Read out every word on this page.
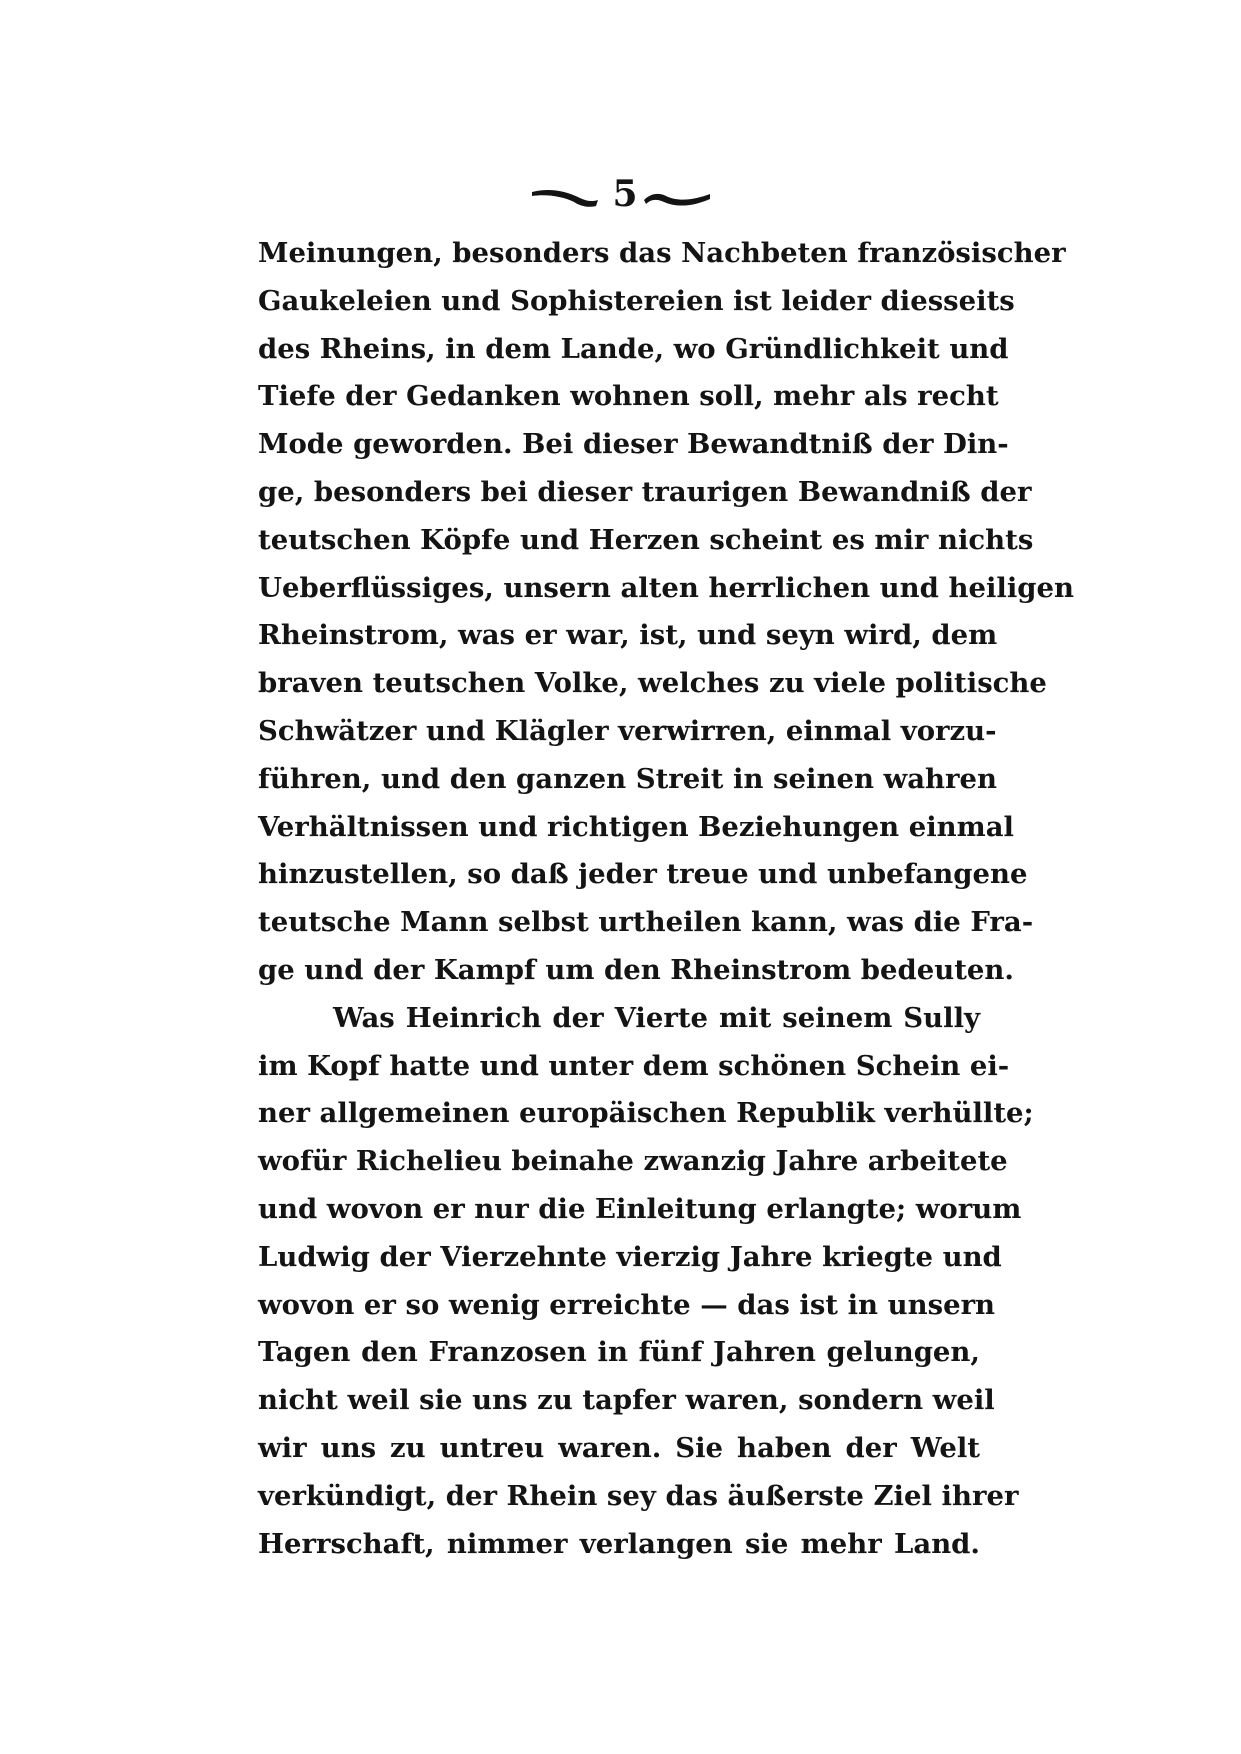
5
Meinungen, besonders das Nachbeten französischer
Gaukeleien und Sophistereien ist leider diesseits
des Rheins, in dem Lande, wo Gründlichkeit und
Tiefe der Gedanken wohnen soll, mehr als recht
Mode geworden. Bei dieser Bewandtniß der Din-
ge, besonders bei dieser traurigen Bewandniß der
teutschen Köpfe und Herzen scheint es mir nichts
Ueberflüssiges, unsern alten herrlichen und heiligen
Rheinstrom, was er war, ist, und seyn wird, dem
braven teutschen Volke, welches zu viele politische
Schwätzer und Klägler verwirren, einmal vorzu-
führen, und den ganzen Streit in seinen wahren
Verhältnissen und richtigen Beziehungen einmal
hinzustellen, so daß jeder treue und unbefangene
teutsche Mann selbst urtheilen kann, was die Fra-
ge und der Kampf um den Rheinstrom bedeuten.
Was Heinrich der Vierte mit seinem Sully
im Kopf hatte und unter dem schönen Schein ei-
ner allgemeinen europäischen Republik verhüllte;
wofür Richelieu beinahe zwanzig Jahre arbeitete
und wovon er nur die Einleitung erlangte; worum
Ludwig der Vierzehnte vierzig Jahre kriegte und
wovon er so wenig erreichte — das ist in unsern
Tagen den Franzosen in fünf Jahren gelungen,
nicht weil sie uns zu tapfer waren, sondern weil
wir uns zu untreu waren. Sie haben der Welt
verkündigt, der Rhein sey das äußerste Ziel ihrer
Herrschaft, nimmer verlangen sie mehr Land.
